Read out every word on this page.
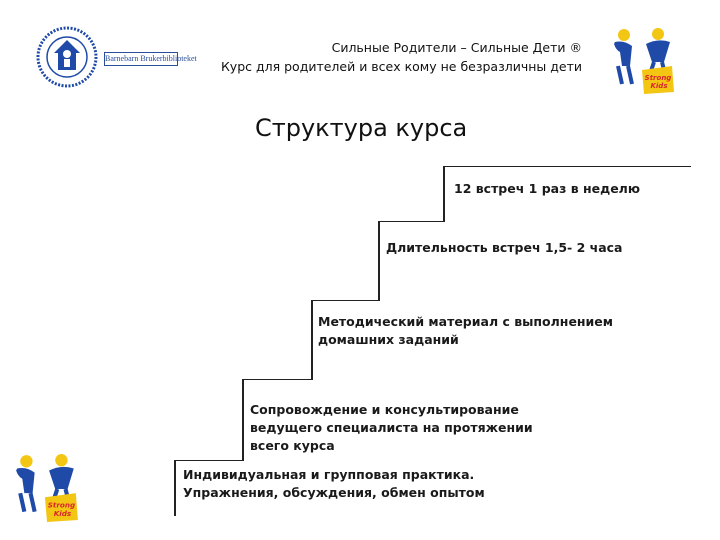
Barnebarn Brukerbiblioteket
Сильные Родители – Сильные Дети ®
Курс для родителей и всех кому не безразличны дети
Strong
Kids
Strong
Kids
Структура курса
12 встреч 1 раз в неделю
Длительность встреч 1,5- 2 часа
Методический материал с выполнением
домашних заданий
Сопровождение и консультирование
ведущего специалиста на протяжении
всего курса
Индивидуальная и групповая практика.
Упражнения, обсуждения, обмен опытом
